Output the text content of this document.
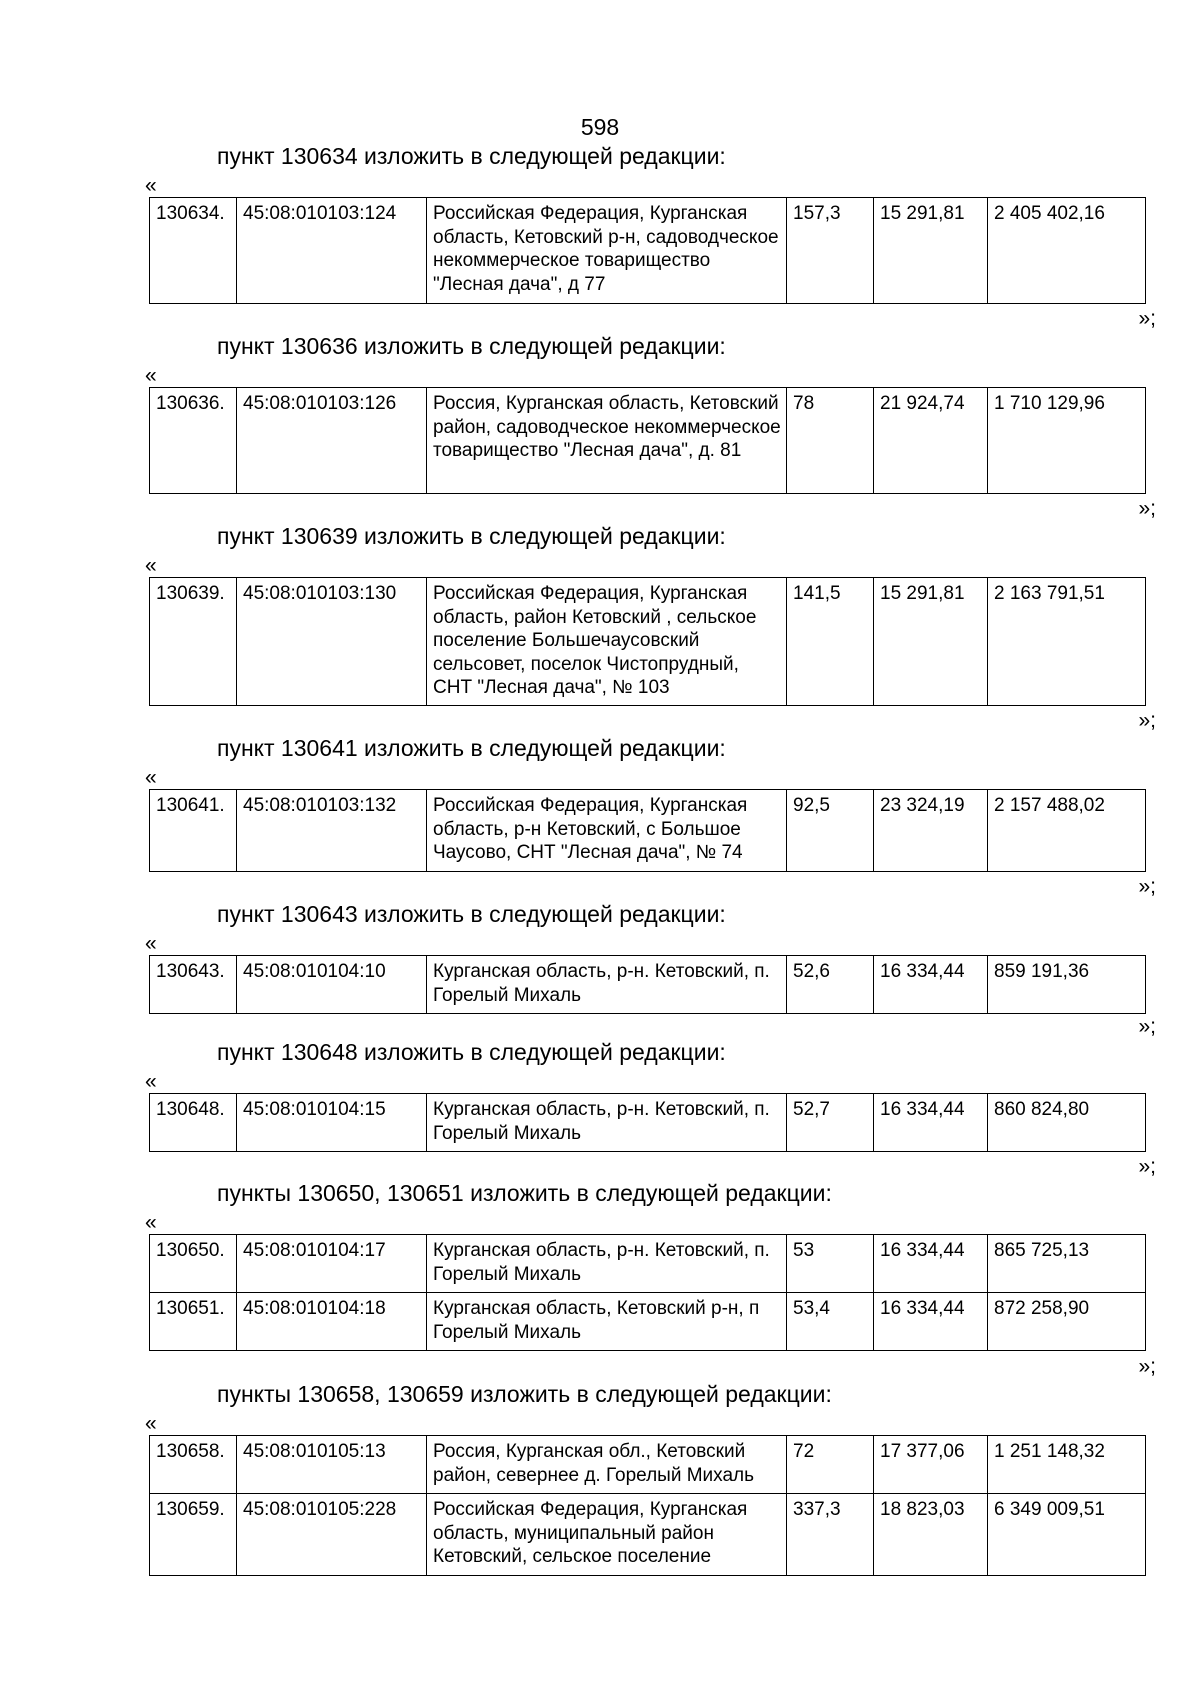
598
пункт 130634 изложить в следующей редакции:
«
130634.	45:08:010103:124	Российская Федерация, Курганская область, Кетовский р-н, садоводческое некоммерческое товарищество "Лесная дача", д 77	157,3	15 291,81	2 405 402,16
»;
пункт 130636 изложить в следующей редакции:
«
130636.	45:08:010103:126	Россия, Курганская область, Кетовский район, садоводческое некоммерческое товарищество "Лесная дача", д. 81	78	21 924,74	1 710 129,96
»;
пункт 130639 изложить в следующей редакции:
«
130639.	45:08:010103:130	Российская Федерация, Курганская область, район Кетовский , сельское поселение Большечаусовский сельсовет, поселок Чистопрудный, СНТ "Лесная дача", № 103	141,5	15 291,81	2 163 791,51
»;
пункт 130641 изложить в следующей редакции:
«
130641.	45:08:010103:132	Российская Федерация, Курганская область, р-н Кетовский, с Большое Чаусово, СНТ "Лесная дача", № 74	92,5	23 324,19	2 157 488,02
»;
пункт 130643 изложить в следующей редакции:
«
130643.	45:08:010104:10	Курганская область, р-н. Кетовский, п. Горелый Михаль	52,6	16 334,44	859 191,36
»;
пункт 130648 изложить в следующей редакции:
«
130648.	45:08:010104:15	Курганская область, р-н. Кетовский, п. Горелый Михаль	52,7	16 334,44	860 824,80
»;
пункты 130650, 130651 изложить в следующей редакции:
«
130650.	45:08:010104:17	Курганская область, р-н. Кетовский, п. Горелый Михаль	53	16 334,44	865 725,13
130651.	45:08:010104:18	Курганская область, Кетовский р-н, п Горелый Михаль	53,4	16 334,44	872 258,90
»;
пункты 130658, 130659 изложить в следующей редакции:
«
130658.	45:08:010105:13	Россия, Курганская обл., Кетовский район, севернее д. Горелый Михаль	72	17 377,06	1 251 148,32
130659.	45:08:010105:228	Российская Федерация, Курганская область, муниципальный район Кетовский, сельское поселение	337,3	18 823,03	6 349 009,51
